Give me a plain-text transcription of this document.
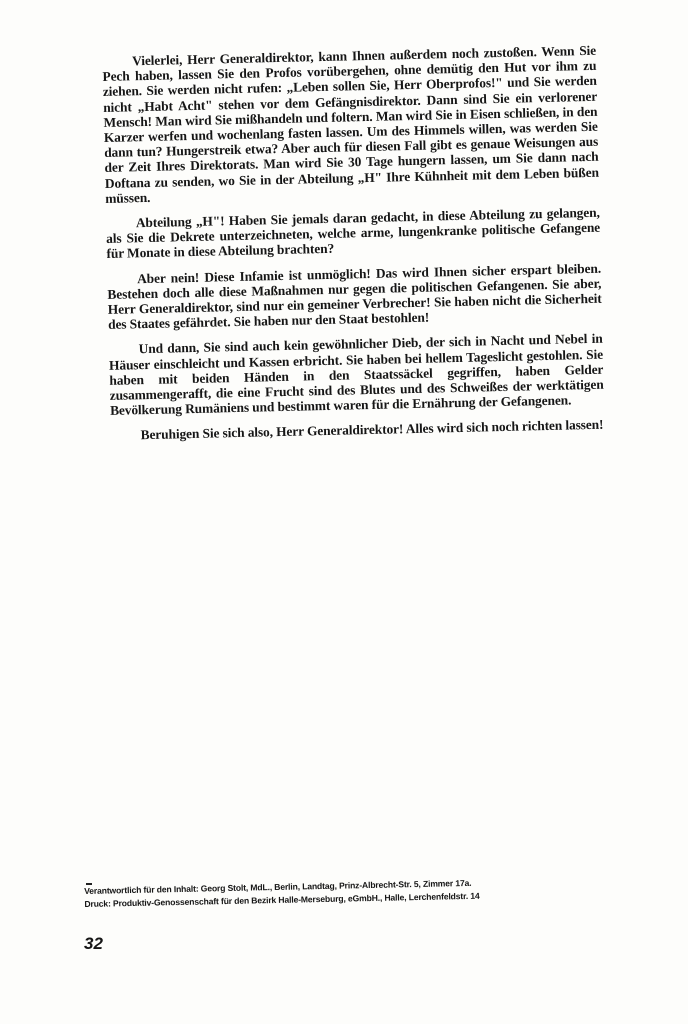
Vielerlei, Herr Generaldirektor, kann Ihnen außerdem noch zustoßen. Wenn Sie Pech haben, lassen Sie den Profos vorübergehen, ohne demütig den Hut vor ihm zu ziehen. Sie werden nicht rufen: „Leben sollen Sie, Herr Oberprofos!" und Sie werden nicht „Habt Acht" stehen vor dem Gefängnisdirektor. Dann sind Sie ein verlorener Mensch! Man wird Sie mißhandeln und foltern. Man wird Sie in Eisen schließen, in den Karzer werfen und wochenlang fasten lassen. Um des Himmels willen, was werden Sie dann tun? Hungerstreik etwa? Aber auch für diesen Fall gibt es genaue Weisungen aus der Zeit Ihres Direktorats. Man wird Sie 30 Tage hungern lassen, um Sie dann nach Doftana zu senden, wo Sie in der Abteilung „H" Ihre Kühnheit mit dem Leben büßen müssen.

Abteilung „H"! Haben Sie jemals daran gedacht, in diese Abteilung zu gelangen, als Sie die Dekrete unterzeichneten, welche arme, lungenkranke politische Gefangene für Monate in diese Abteilung brachten?

Aber nein! Diese Infamie ist unmöglich! Das wird Ihnen sicher erspart bleiben. Bestehen doch alle diese Maßnahmen nur gegen die politischen Gefangenen. Sie aber, Herr Generaldirektor, sind nur ein gemeiner Verbrecher! Sie haben nicht die Sicherheit des Staates gefährdet. Sie haben nur den Staat bestohlen!

Und dann, Sie sind auch kein gewöhnlicher Dieb, der sich in Nacht und Nebel in Häuser einschleicht und Kassen erbricht. Sie haben bei hellem Tageslicht gestohlen. Sie haben mit beiden Händen in den Staatssäckel gegriffen, haben Gelder zusammengerafft, die eine Frucht sind des Blutes und des Schweißes der werktätigen Bevölkerung Rumäniens und bestimmt waren für die Ernährung der Gefangenen.

Beruhigen Sie sich also, Herr Generaldirektor! Alles wird sich noch richten lassen!

Verantwortlich für den Inhalt: Georg Stolt, MdL., Berlin, Landtag, Prinz-Albrecht-Str. 5, Zimmer 17a.
Druck: Produktiv-Genossenschaft für den Bezirk Halle-Merseburg, eGmbH., Halle, Lerchenfeldstr. 14
32
